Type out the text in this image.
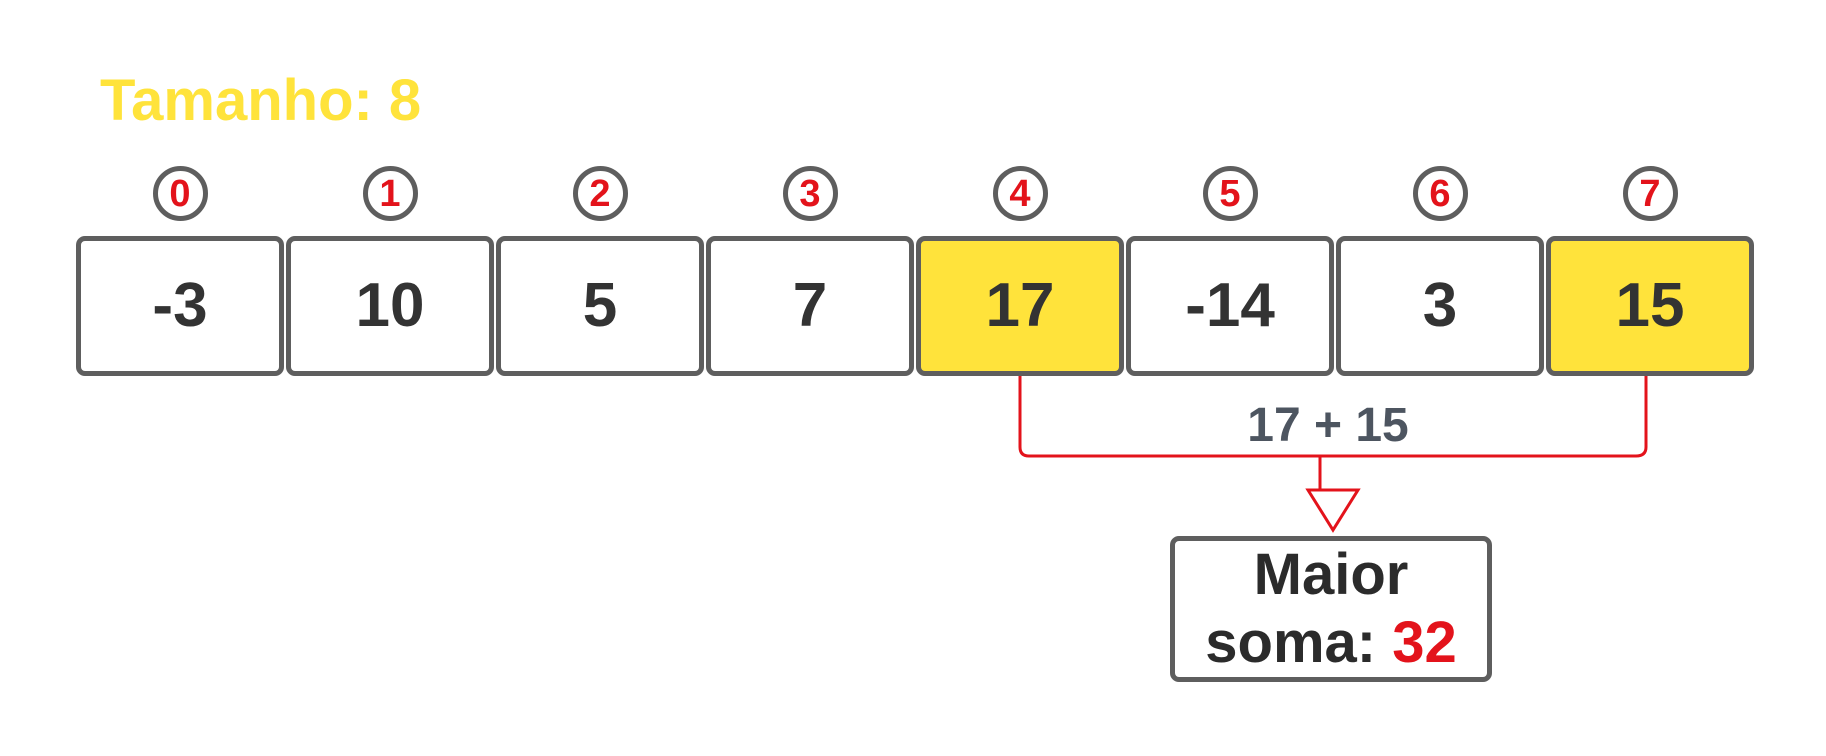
Tamanho: 8
0
-3
1
10
2
5
3
7
4
17
5
-14
6
3
7
15
17 + 15
Maior
soma: 32
